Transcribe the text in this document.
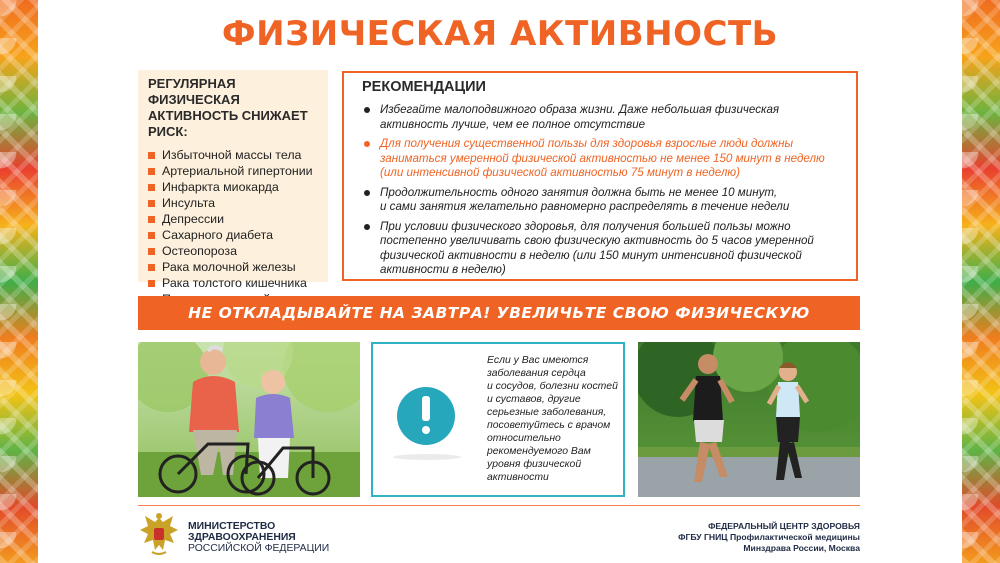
ФИЗИЧЕСКАЯ АКТИВНОСТЬ
РЕГУЛЯРНАЯ ФИЗИЧЕСКАЯ
АКТИВНОСТЬ СНИЖАЕТ РИСК:
Избыточной массы тела
Артериальной гипертонии
Инфаркта миокарда
Инсульта
Депрессии
Сахарного диабета
Остеопороза
Рака молочной железы
Рака толстого кишечника
РЕКОМЕНДАЦИИ
Избегайте малоподвижного образа жизни. Даже небольшая физическая
активность лучше, чем ее полное отсутствие
Для получения существенной пользы для здоровья взрослые люди должны
заниматься умеренной физической активностью не менее 150 минут в неделю
(или интенсивной физической активностью 75 минут в неделю)
Продолжительность одного занятия должна быть не менее 10 минут,
и сами занятия желательно равномерно распределять в течение недели
При условии физического здоровья, для получения большей пользы можно
постепенно увеличивать свою физическую активность до 5 часов умеренной
физической активности в неделю (или 150 минут интенсивной физической
активности в неделю)
НЕ ОТКЛАДЫВАЙТЕ НА ЗАВТРА! УВЕЛИЧЬТЕ СВОЮ ФИЗИЧЕСКУЮ АКТИВНОСТЬ СЕГОДНЯ!
Если у Вас имеются
заболевания сердца
и сосудов, болезни костей
и суставов, другие
серьезные заболевания,
посоветуйтесь с врачом
относительно
рекомендуемого Вам
уровня физической
активности
МИНИСТЕРСТВО
ЗДРАВООХРАНЕНИЯ
РОССИЙСКОЙ ФЕДЕРАЦИИ
ФЕДЕРАЛЬНЫЙ ЦЕНТР ЗДОРОВЬЯ
ФГБУ ГНИЦ Профилактической медицины
Минздрава России, Москва
